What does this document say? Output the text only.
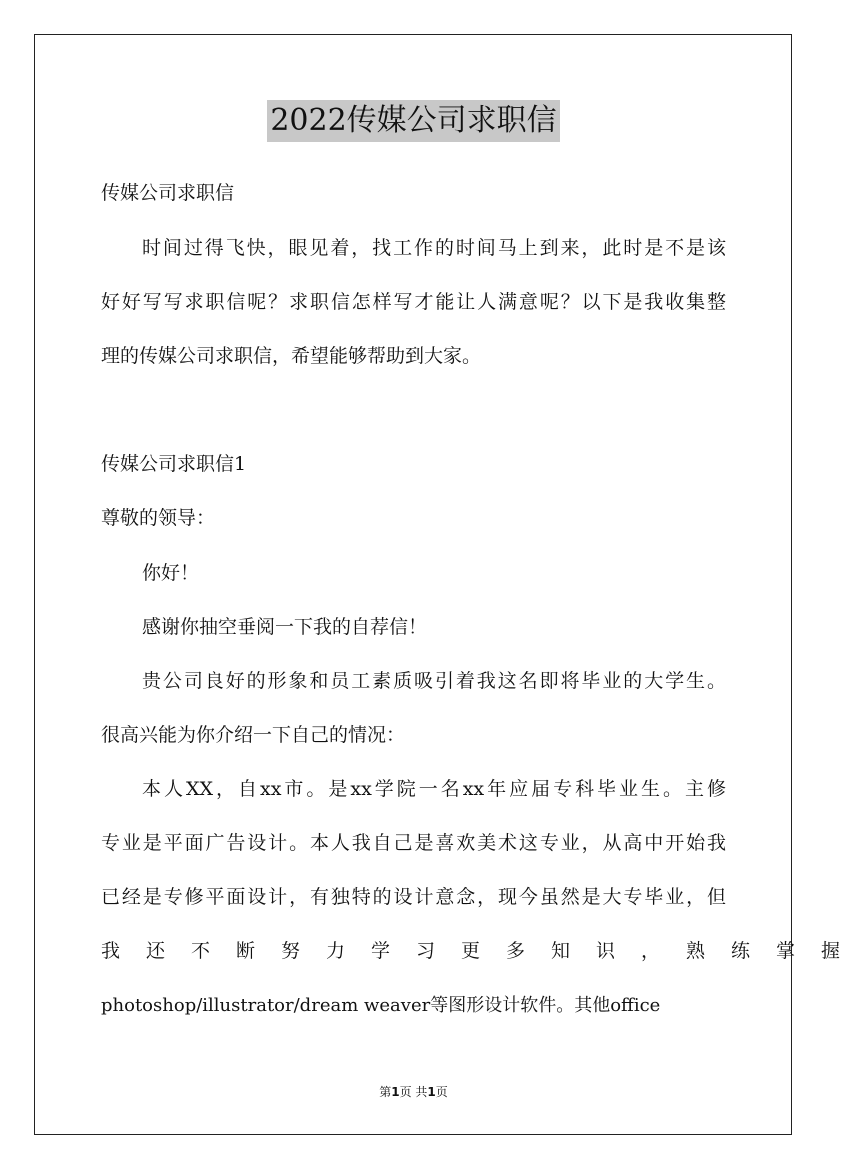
2022传媒公司求职信
传媒公司求职信
时间过得飞快，眼见着，找工作的时间马上到来，此时是不是该
好好写写求职信呢？求职信怎样写才能让人满意呢？以下是我收集整
理的传媒公司求职信，希望能够帮助到大家。
传媒公司求职信1
尊敬的领导：
你好！
感谢你抽空垂阅一下我的自荐信！
贵公司良好的形象和员工素质吸引着我这名即将毕业的大学生。
很高兴能为你介绍一下自己的情况：
本人XX，自xx市。是xx学院一名xx年应届专科毕业生。主修
专业是平面广告设计。本人我自己是喜欢美术这专业，从高中开始我
已经是专修平面设计，有独特的设计意念，现今虽然是大专毕业，但
我还不断努力学习更多知识，熟练掌握
photoshop/illustrator/dream weaver等图形设计软件。其他office
第1页 共1页
